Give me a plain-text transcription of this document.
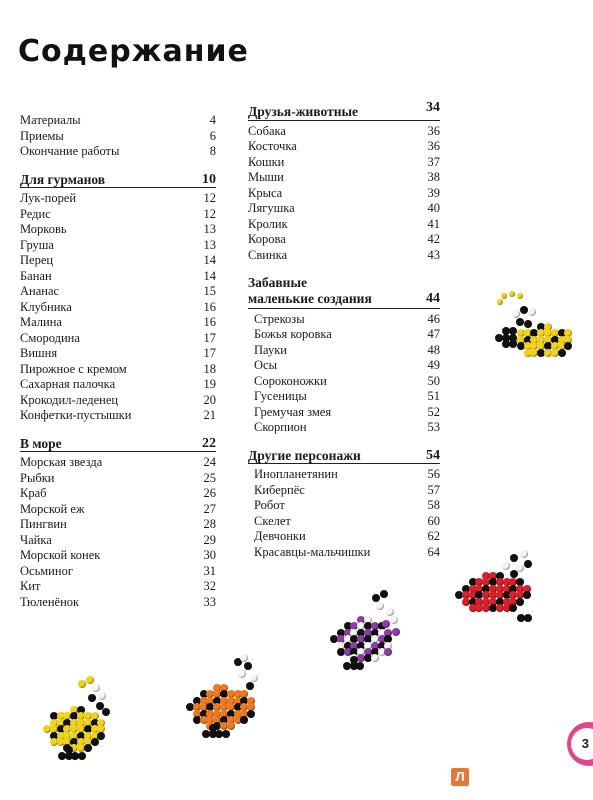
Содержание
Материалы	4
Приемы	6
Окончание работы	8
Для гурманов	10
Лук-порей	12
Редис	12
Морковь	13
Груша	13
Перец	14
Банан	14
Ананас	15
Клубника	16
Малина	16
Смородина	17
Вишня	17
Пирожное с кремом	18
Сахарная палочка	19
Крокодил-леденец	20
Конфетки-пустышки	21
В море	22
Морская звезда	24
Рыбки	25
Краб	26
Морской еж	27
Пингвин	28
Чайка	29
Морской конек	30
Осьминог	31
Кит	32
Тюленёнок	33
Друзья-животные	34
Собака	36
Косточка	36
Кошки	37
Мыши	38
Крыса	39
Лягушка	40
Кролик	41
Корова	42
Свинка	43
Забавные
маленькие создания	44
Стрекозы	46
Божья коровка	47
Пауки	48
Осы	49
Сороконожки	50
Гусеницы	51
Гремучая змея	52
Скорпион	53
Другие персонажи	54
Инопланетянин	56
Киберпёс	57
Робот	58
Скелет	60
Девчонки	62
Красавцы-мальчишки	64
3
Л
